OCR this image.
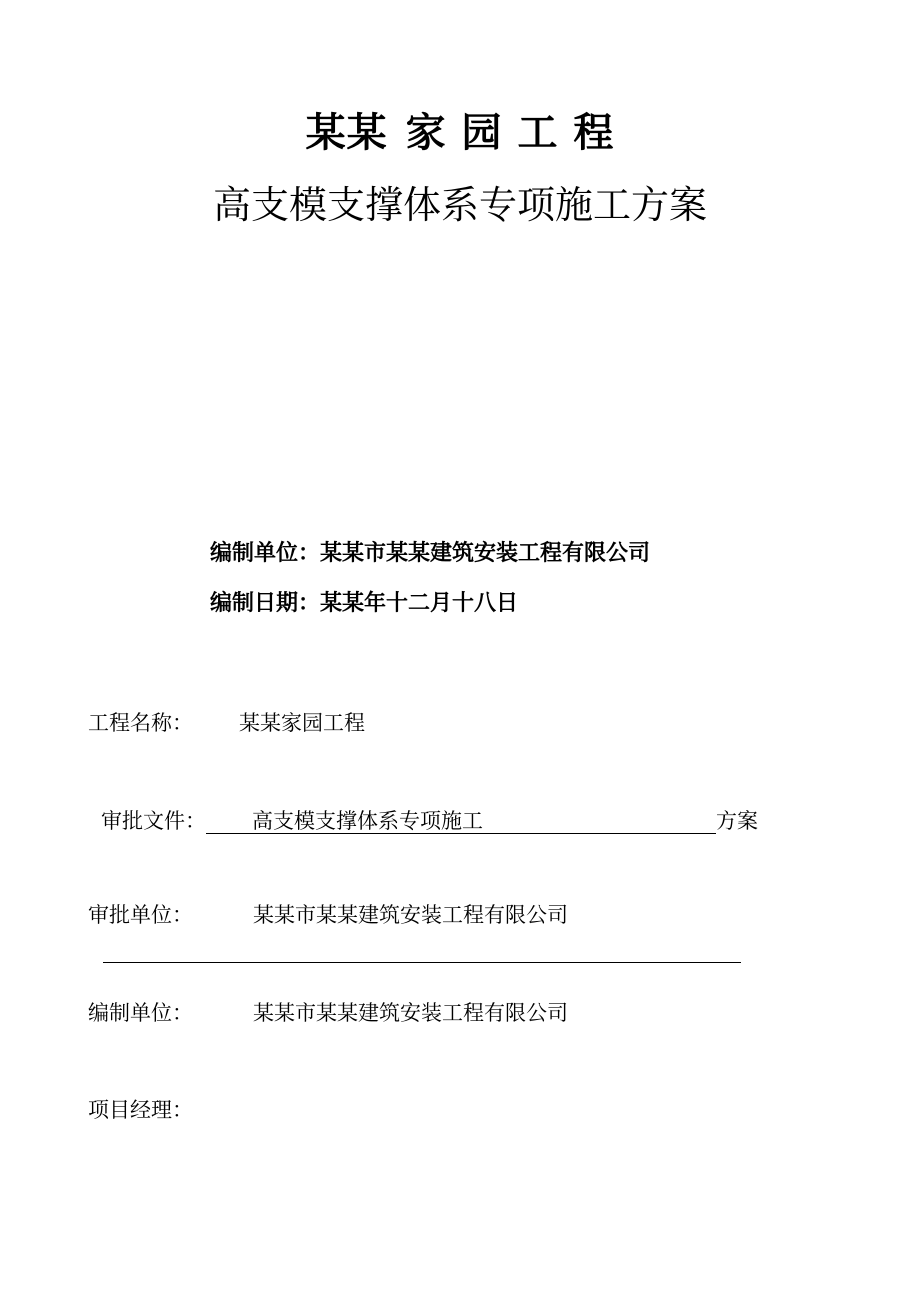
某某 家 园 工 程
高支模支撑体系专项施工方案
编制单位：某某市某某建筑安装工程有限公司
编制日期：某某年十二月十八日
工程名称： 某某家园工程
审批文件： 高支模支撑体系专项施工	方案
审批单位：	某某市某某建筑安装工程有限公司
编制单位：	某某市某某建筑安装工程有限公司
项目经理：
